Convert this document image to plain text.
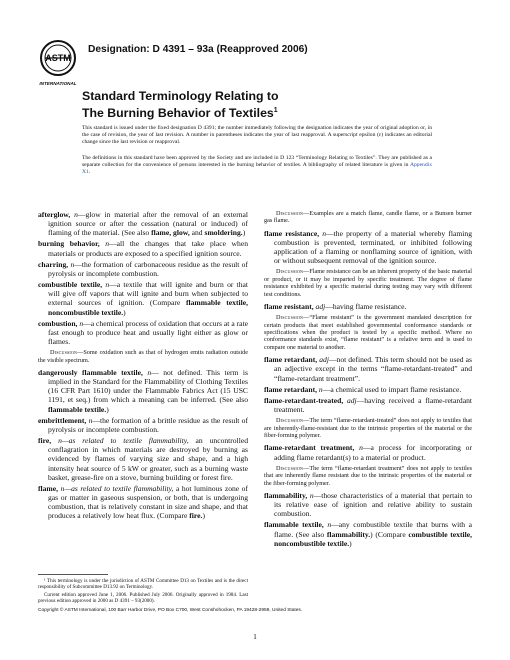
ASTM
INTERNATIONAL
Designation: D 4391 – 93a (Reapproved 2006)
Standard Terminology Relating to
The Burning Behavior of Textiles$^1$
This standard is issued under the fixed designation D 4391; the number immediately following the designation indicates the year of original adoption or, in the case of revision, the year of last revision. A number in parentheses indicates the year of last reapproval. A superscript epsilon (ε) indicates an editorial change since the last revision or reapproval.
The definitions in this standard have been approved by the Society and are included in D 123 “Terminology Relating to Textiles”. They are published as a separate collection for the convenience of persons interested in the burning behavior of textiles. A bibliography of related literature is given in Appendix X1.

afterglow, n—glow in material after the removal of an external ignition source or after the cessation (natural or induced) of flaming of the material. (See also flame, glow, and smoldering.)

burning behavior, n—all the changes that take place when materials or products are exposed to a specified ignition source.

charring, n—the formation of carbonaceous residue as the result of pyrolysis or incomplete combustion.

combustible textile, n—a textile that will ignite and burn or that will give off vapors that will ignite and burn when subjected to external sources of ignition. (Compare flammable textile, noncombustible textile.)

combustion, n—a chemical process of oxidation that occurs at a rate fast enough to produce heat and usually light either as glow or flames.

Discussion—Some oxidation such as that of hydrogen emits radiation outside the visible spectrum.

dangerously flammable textile, n— not defined. This term is implied in the Standard for the Flammability of Clothing Textiles (16 CFR Part 1610) under the Flammable Fabrics Act (15 USC 1191, et seq.) from which a meaning can be inferred. (See also flammable textile.)

embrittlement, n—the formation of a brittle residue as the result of pyrolysis or incomplete combustion.

fire, n—as related to textile flammability, an uncontrolled conflagration in which materials are destroyed by burning as evidenced by flames of varying size and shape, and a high intensity heat source of 5 kW or greater, such as a burning waste basket, grease-fire on a stove, burning building or forest fire.

flame, n—as related to textile flammability, a hot luminous zone of gas or matter in gaseous suspension, or both, that is undergoing combustion, that is relatively constant in size and shape, and that produces a relatively low heat flux. (Compare fire.)

Discussion—Examples are a match flame, candle flame, or a Bunsen burner gas flame.

flame resistance, n—the property of a material whereby flaming combustion is prevented, terminated, or inhibited following application of a flaming or nonflaming source of ignition, with or without subsequent removal of the ignition source.

Discussion—Flame resistance can be an inherent property of the basic material or product, or it may be imparted by specific treatment. The degree of flame resistance exhibited by a specific material during testing may vary with different test conditions.

flame resistant, adj—having flame resistance.

Discussion—“Flame resistant” is the government mandated description for certain products that meet established governmental conformance standards or specifications when the product is tested by a specific method. Where no conformance standards exist, “flame resistant” is a relative term and is used to compare one material to another.

flame retardant, adj—not defined. This term should not be used as an adjective except in the terms “flame-retardant-treated” and “flame-retardant treatment”.

flame retardant, n—a chemical used to impart flame resistance.

flame-retardant-treated, adj—having received a flame-retardant treatment.

Discussion—The term “flame-retardant-treated” does not apply to textiles that are inherently-flame-resistant due to the intrinsic properties of the material or the fiber-forming polymer.

flame-retardant treatment, n—a process for incorporating or adding flame retardant(s) to a material or product.

Discussion—The term “flame-retardant treatment” does not apply to textiles that are inherently flame resistant due to the intrinsic properties of the material or the fiber-forming polymer.

flammability, n—those characteristics of a material that pertain to its relative ease of ignition and relative ability to sustain combustion.

flammable textile, n—any combustible textile that burns with a flame. (See also flammability.) (Compare combustible textile, noncombustible textile.)

¹ This terminology is under the jurisdiction of ASTM Committee D13 on Textiles and is the direct responsibility of Subcommittee D13.92 on Terminology.

Current edition approved June 1, 2006. Published July 2006. Originally approved in 1984. Last previous edition approved in 2000 as D 4391 – 93(2000).

Copyright © ASTM International, 100 Barr Harbor Drive, PO Box C700, West Conshohocken, PA 19428-2959, United States.
1
